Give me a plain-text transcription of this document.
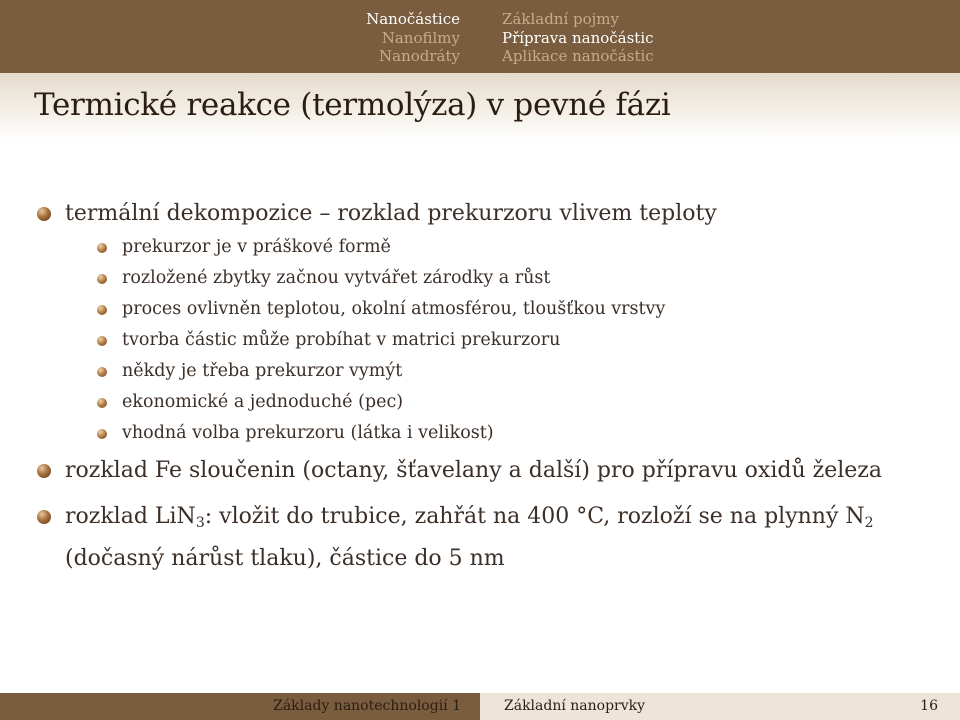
Nanočástice
Nanofilmy
Nanodráty
Základní pojmy
Příprava nanočástic
Aplikace nanočástic
Termické reakce (termolýza) v pevné fázi
termální dekompozice – rozklad prekurzoru vlivem teploty
prekurzor je v práškové formě
rozložené zbytky začnou vytvářet zárodky a růst
proces ovlivněn teplotou, okolní atmosférou, tloušťkou vrstvy
tvorba částic může probíhat v matrici prekurzoru
někdy je třeba prekurzor vymýt
ekonomické a jednoduché (pec)
vhodná volba prekurzoru (látka i velikost)
rozklad Fe sloučenin (octany, šťavelany a další) pro přípravu oxidů železa
rozklad LiN$_3$: vložit do trubice, zahřát na 400 °C, rozloží se na plynný $N_2$ (dočasný nárůst tlaku), částice do 5 nm
Základy nanotechnologií 1	Základní nanoprvky	16
